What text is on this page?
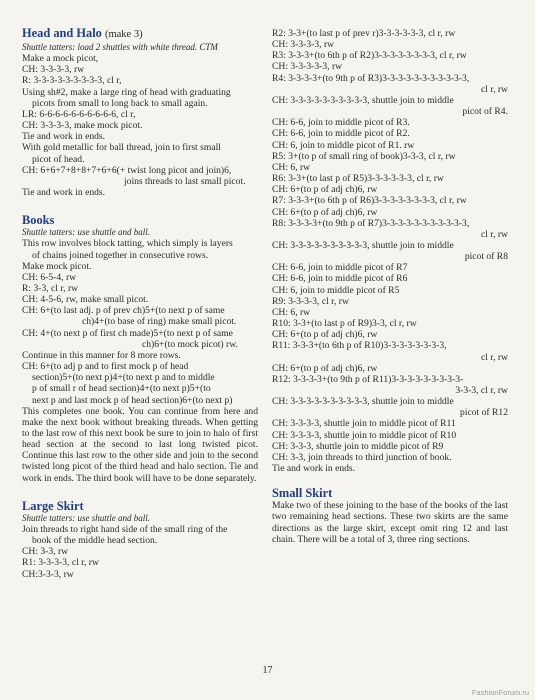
Head and Halo (make 3)
Shuttle tatters: load 2 shuttles with white thread. CTM
Make a mock picot,
CH: 3-3-3-3, rw
R: 3-3-3-3-3-3-3-3-3, cl r,
Using sh#2, make a large ring of head with graduating
picots from small to long back to small again.
LR: 6-6-6-6-6-6-6-6-6-6, cl r,
CH: 3-3-3-3, make mock picot.
Tie and work in ends.
With gold metallic for ball thread, join to first small
picot of head.
CH: 6+6+7+8+8+7+6+6(+ twist long picot and join)6,
joins threads to last small picot.
Tie and work in ends.
Books
Shuttle tatters: use shuttle and ball.
This row involves block tatting, which simply is layers
of chains joined together in consecutive rows.
Make mock picot.
CH: 6-5-4, rw
R: 3-3, cl r, rw
CH: 4-5-6, rw, make small picot.
CH: 6+(to last adj. p of prev ch)5+(to next p of same
ch)4+(to base of ring) make small picot.
CH: 4+(to next p of first ch made)5+(to next p of same
ch)6+(to mock picot) rw.
Continue in this manner for 8 more rows.
CH: 6+(to adj p and to first mock p of head
section)5+(to next p)4+(to next p and to middle
p of small r of head section)4+(to next p)5+(to
next p and last mock p of head section)6+(to next p)
This completes one book. You can continue from here and make the next book without breaking threads. When getting to the last row of this next book be sure to join to halo of first head section at the second to last long twisted picot. Continue this last row to the other side and join to the second twisted long picot of the third head and halo section. Tie and work in ends. The third book will have to be done separately.
Large Skirt
Shuttle tatters: use shuttle and ball.
Join threads to right hand side of the small ring of the
book of the middle head section.
CH: 3-3, rw
R1: 3-3-3-3, cl r, rw
CH:3-3-3, rw
R2: 3-3+(to last p of prev r)3-3-3-3-3-3, cl r, rw
CH: 3-3-3-3, rw
R3: 3-3-3+(to 6th p of R2)3-3-3-3-3-3-3-3, cl r, rw
CH: 3-3-3-3-3, rw
R4: 3-3-3-3+(to 9th p of R3)3-3-3-3-3-3-3-3-3-3-3,
cl r, rw
CH: 3-3-3-3-3-3-3-3-3-3, shuttle join to middle
picot of R4.
CH: 6-6, join to middle picot of R3.
CH: 6-6, join to middle picot of R2.
CH: 6, join to middle picot of R1. rw
R5: 3+(to p of small ring of book)3-3-3, cl r, rw
CH: 6, rw
R6: 3-3+(to last p of R5)3-3-3-3-3-3, cl r, rw
CH: 6+(to p of adj ch)6, rw
R7: 3-3-3+(to 6th p of R6)3-3-3-3-3-3-3-3, cl r, rw
CH: 6+(to p of adj ch)6, rw
R8: 3-3-3-3+(to 9th p of R7)3-3-3-3-3-3-3-3-3-3-3,
cl r, rw
CH: 3-3-3-3-3-3-3-3-3-3, shuttle join to middle
picot of R8
CH: 6-6, join to middle picot of R7
CH: 6-6, join to middle picot of R6
CH: 6, join to middle picot of R5
R9: 3-3-3-3, cl r, rw
CH: 6, rw
R10: 3-3+(to last p of R9)3-3, cl r, rw
CH: 6+(to p of adj ch)6, rw
R11: 3-3-3+(to 6th p of R10)3-3-3-3-3-3-3-3,
cl r, rw
CH: 6+(to p of adj ch)6, rw
R12: 3-3-3-3+(to 9th p of R11)3-3-3-3-3-3-3-3-3-
3-3-3, cl r, rw
CH: 3-3-3-3-3-3-3-3-3-3, shuttle join to middle
picot of R12
CH: 3-3-3-3, shuttle join to middle picot of R11
CH: 3-3-3-3, shuttle join to middle picot of R10
CH: 3-3-3, shuttle join to middle picot of R9
CH: 3-3, join threads to third junction of book.
Tie and work in ends.
Small Skirt
Make two of these joining to the base of the books of the last two remaining head sections. These two skirts are the same directions as the large skirt, except omit ring 12 and last chain. There will be a total of 3, three ring sections.
17
FashionForum.ru
